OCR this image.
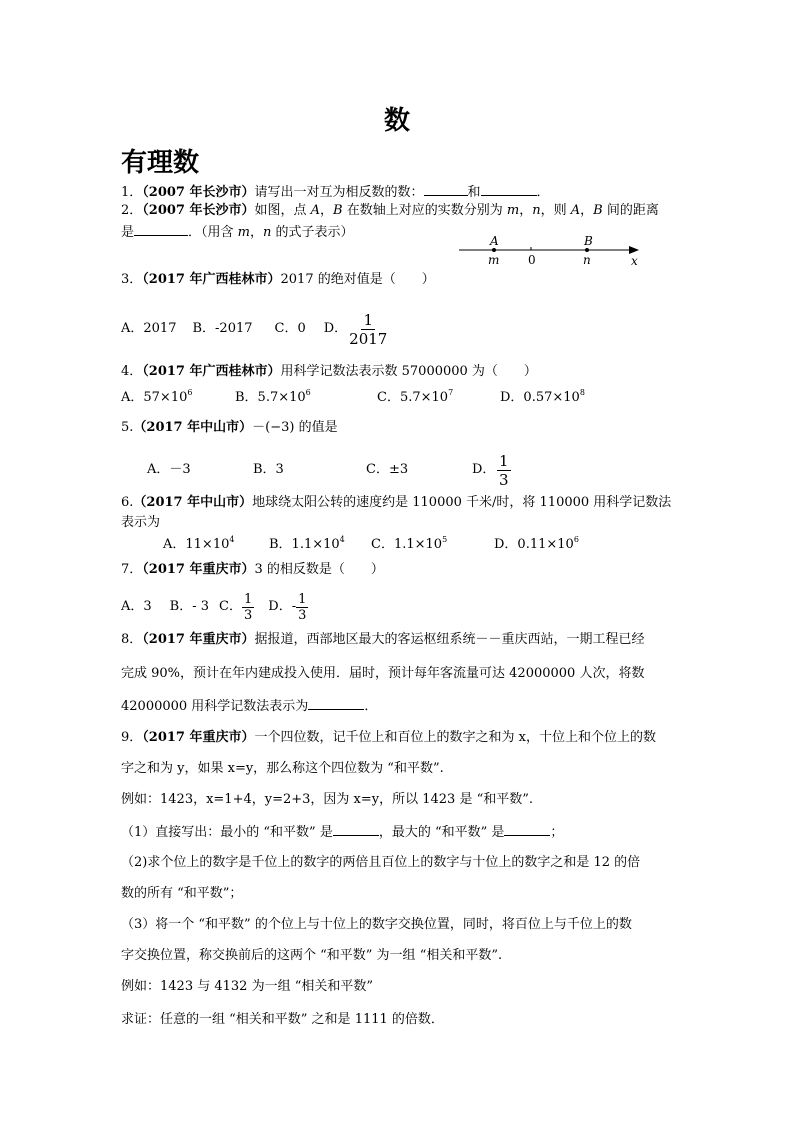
数
有理数
1．（2007 年长沙市）请写出一对互为相反数的数：	和	．
2．（2007 年长沙市）如图，点 A，B 在数轴上对应的实数分别为 m，n，则 A，B 间的距离
是	．（用含 m，n 的式子表示）
A	B
m 0	n	x
3．（2017 年广西桂林市）2017 的绝对值是（　　）
A．2017 B．-2017 C．0 D． $\frac{1}{2017}$
4．（2017 年广西桂林市）用科学记数法表示数 57000000 为（　　）
A．$57\times 10^6$	B．$5.7\times 10^6$	C．$5.7\times 10^7$	D．$0.57\times 10^8$
5.（2017 年中山市）－(−3) 的值是
A．－3	B．3	C．±3	D． $\frac{1}{3}$
6.（2017 年中山市）地球绕太阳公转的速度约是 110000 千米/时，将 110000 用科学记数法
表示为
A．$11\times 10^4$	B．$1.1\times 10^4$ C．$1.1\times 10^5$	D．$0.11\times 10^6$
7．（2017 年重庆市）3 的相反数是（　　）
A．3 B．- 3 C． $\frac{1}{3}$ D．- $\frac{1}{3}$
8．（2017 年重庆市）据报道，西部地区最大的客运枢纽系统－－重庆西站，一期工程已经
完成 90%，预计在年内建成投入使用．届时，预计每年客流量可达 42000000 人次，将数
42000000 用科学记数法表示为	．
9．（2017 年重庆市）一个四位数，记千位上和百位上的数字之和为 x，十位上和个位上的数
字之和为 y，如果 x=y，那么称这个四位数为 “和平数”.
例如：1423，x=1+4，y=2+3，因为 x=y，所以 1423 是 “和平数”.
（1）直接写出：最小的 “和平数” 是	，最大的 “和平数” 是	；
（2)求个位上的数字是千位上的数字的两倍且百位上的数字与十位上的数字之和是 12 的倍
数的所有 “和平数”；
（3）将一个 “和平数” 的个位上与十位上的数字交换位置，同时，将百位上与千位上的数
字交换位置，称交换前后的这两个 “和平数” 为一组 “相关和平数”.
例如：1423 与 4132 为一组 “相关和平数”
求证：任意的一组 “相关和平数” 之和是 1111 的倍数．
